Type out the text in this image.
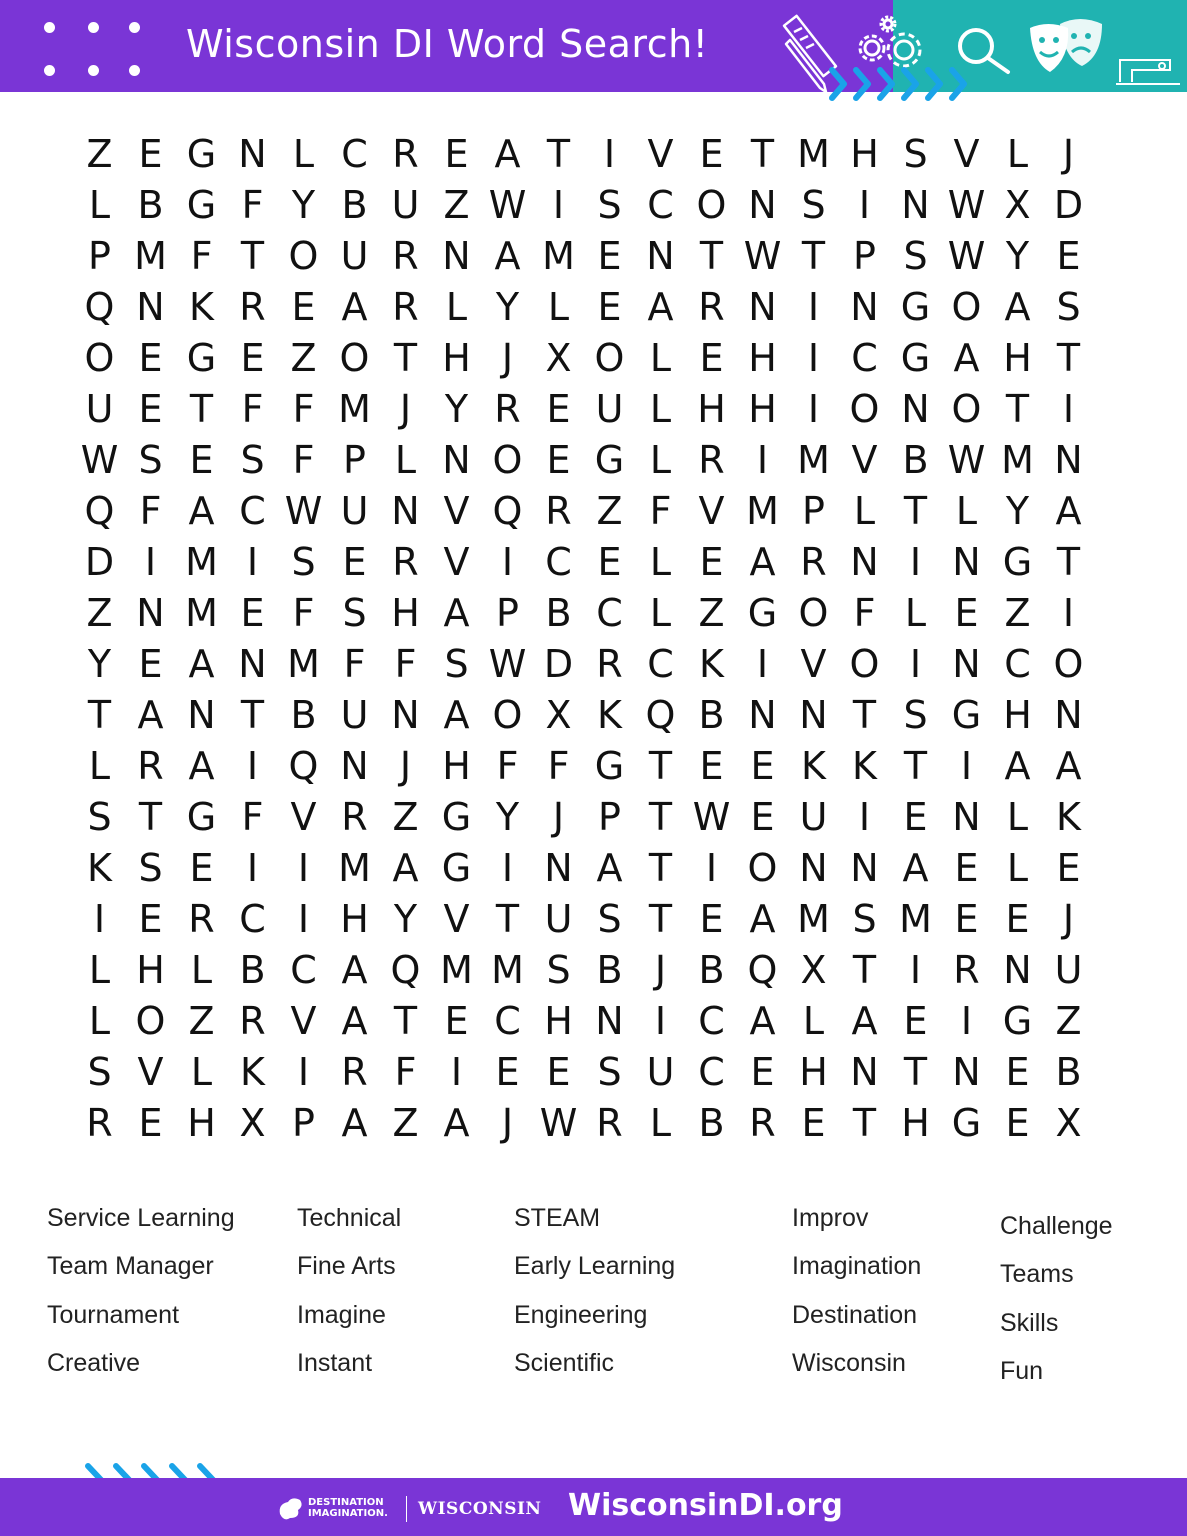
Wisconsin DI Word Search!
Z E G N L C R E A T I V E T M H S V L J
L B G F Y B U Z W I S C O N S I N W X D
P M F T O U R N A M E N T W T P S W Y E
Q N K R E A R L Y L E A R N I N G O A S
O E G E Z O T H J X O L E H I C G A H T
U E T F F M J Y R E U L H H I O N O T I
W S E S F P L N O E G L R I M V B W M N
Q F A C W U N V Q R Z F V M P L T L Y A
D I M I S E R V I C E L E A R N I N G T
Z N M E F S H A P B C L Z G O F L E Z I
Y E A N M F F S W D R C K I V O I N C O
T A N T B U N A O X K Q B N N T S G H N
L R A I Q N J H F F G T E E K K T I A A
S T G F V R Z G Y J P T W E U I E N L K
K S E I	I M A G I N A T I O N N A E L E
I E R C I H Y V T U S T E A M S M E E J
L H L B C A Q M M S B J B Q X T I R N U
L O Z R V A T E C H N I C A L A E I G Z
S V L K I R F I E E S U C E H N T N E B
R E H X P A Z A J W R L B R E T H G E X
Service Learning
Team Manager
Tournament
Creative
Technical
Fine Arts
Imagine
Instant
STEAM
Early Learning
Engineering
Scientific
Improv
Imagination
Destination
Wisconsin
Challenge
Teams
Skills
Fun
DESTINATION
IMAGINATION. WISCONSIN WisconsinDI.org
